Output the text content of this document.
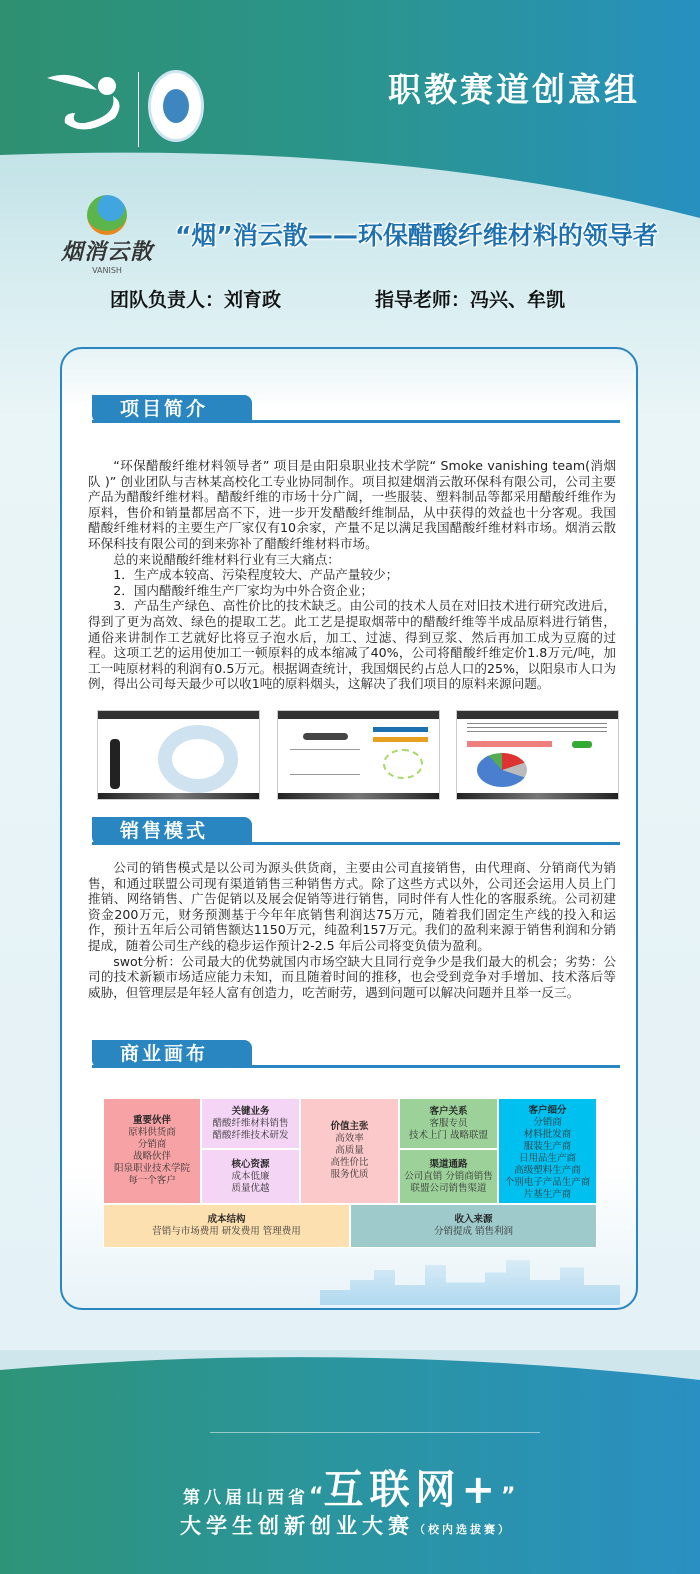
职教赛道创意组
烟消云散
VANISH
“烟”消云散——环保醋酸纤维材料的领导者
团队负责人：刘育政	指导老师：冯兴、牟凯
项目简介

“环保醋酸纤维材料领导者” 项目是由阳泉职业技术学院“ Smoke vanishing team(消烟队 )” 创业团队与吉林某高校化工专业协同制作。项目拟建烟消云散环保科有限公司，公司主要产品为醋酸纤维材料。醋酸纤维的市场十分广阔，一些服装、塑料制品等都采用醋酸纤维作为原料，售价和销量都居高不下，进一步开发醋酸纤维制品，从中获得的效益也十分客观。我国醋酸纤维材料的主要生产厂家仅有10余家，产量不足以满足我国醋酸纤维材料市场。烟消云散环保科技有限公司的到来弥补了醋酸纤维材料市场。

总的来说醋酸纤维材料行业有三大痛点：

1．生产成本较高、污染程度较大、产品产量较少；

2．国内醋酸纤维生产厂家均为中外合资企业；

3．产品生产绿色、高性价比的技术缺乏。由公司的技术人员在对旧技术进行研究改进后，得到了更为高效、绿色的提取工艺。此工艺是提取烟蒂中的醋酸纤维等半成品原料进行销售，通俗来讲制作工艺就好比将豆子泡水后，加工、过滤、得到豆浆、然后再加工成为豆腐的过程。这项工艺的运用使加工一顿原料的成本缩减了40%，公司将醋酸纤维定价1.8万元/吨，加工一吨原材料的利润有0.5万元。根据调查统计，我国烟民约占总人口的25%，以阳泉市人口为例，得出公司每天最少可以收1吨的原料烟头，这解决了我们项目的原料来源问题。

销售模式

公司的销售模式是以公司为源头供货商，主要由公司直接销售，由代理商、分销商代为销售，和通过联盟公司现有渠道销售三种销售方式。除了这些方式以外，公司还会运用人员上门推销、网络销售、广告促销以及展会促销等进行销售，同时伴有人性化的客服系统。公司初建资金200万元，财务预测基于今年年底销售利润达75万元，随着我们固定生产线的投入和运作，预计五年后公司销售额达1150万元，纯盈利157万元。我们的盈利来源于销售利润和分销提成，随着公司生产线的稳步运作预计2-2.5 年后公司将变负债为盈利。

swot分析：公司最大的优势就国内市场空缺大且同行竞争少是我们最大的机会；劣势：公司的技术新颖市场适应能力未知，而且随着时间的推移，也会受到竞争对手增加、技术落后等威胁，但管理层是年轻人富有创造力，吃苦耐劳，遇到问题可以解决问题并且举一反三。

商业画布
重要伙伴
原料供货商
分销商
战略伙伴
阳泉职业技术学院
每一个客户
关键业务
醋酸纤维材料销售
醋酸纤维技术研发
核心资源
成本低廉
质量优越
价值主张
高效率
高质量
高性价比
服务优质
客户关系
客服专员
技术上门 战略联盟
渠道通路
公司直销 分销商销售
联盟公司销售渠道
客户细分
分销商
材料批发商
服装生产商
日用品生产商
高级塑料生产商
个别电子产品生产商
片基生产商
成本结构
营销与市场费用 研发费用 管理费用
收入来源
分销提成 销售利润
第八届山西省“互联网+”
大学生创新创业大赛（校内选拔赛）
